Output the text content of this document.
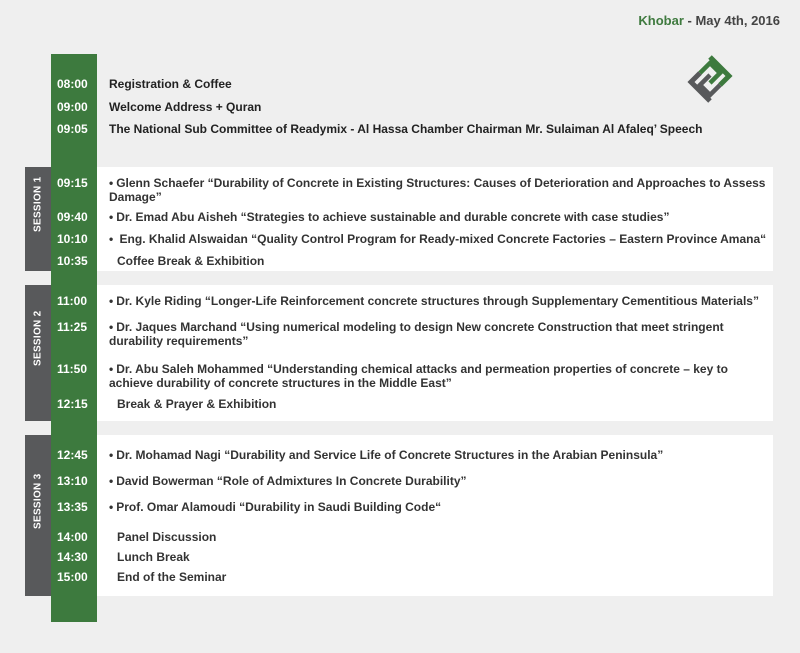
Khobar - May 4th, 2016
SESSION 1
SESSION 2
SESSION 3
08:00	Registration & Coffee
09:00	Welcome Address + Quran
09:05	The National Sub Committee of Readymix - Al Hassa Chamber Chairman Mr. Sulaiman Al Afaleq’ Speech
09:15	• Glenn Schaefer “Durability of Concrete in Existing Structures: Causes of Deterioration and Approaches to Assess Damage”
09:40	• Dr. Emad Abu Aisheh “Strategies to achieve sustainable and durable concrete with case studies”
10:10	• Eng. Khalid Alswaidan “Quality Control Program for Ready-mixed Concrete Factories – Eastern Province Amana“
10:35	Coffee Break & Exhibition
11:00	• Dr. Kyle Riding “Longer-Life Reinforcement concrete structures through Supplementary Cementitious Materials”
11:25	• Dr. Jaques Marchand “Using numerical modeling to design New concrete Construction that meet stringent durability requirements”
11:50	• Dr. Abu Saleh Mohammed “Understanding chemical attacks and permeation properties of concrete – key to achieve durability of concrete structures in the Middle East”
12:15	Break & Prayer & Exhibition
12:45	• Dr. Mohamad Nagi “Durability and Service Life of Concrete Structures in the Arabian Peninsula”
13:10	• David Bowerman “Role of Admixtures In Concrete Durability”
13:35	• Prof. Omar Alamoudi “Durability in Saudi Building Code“
14:00	Panel Discussion
14:30	Lunch Break
15:00	End of the Seminar
